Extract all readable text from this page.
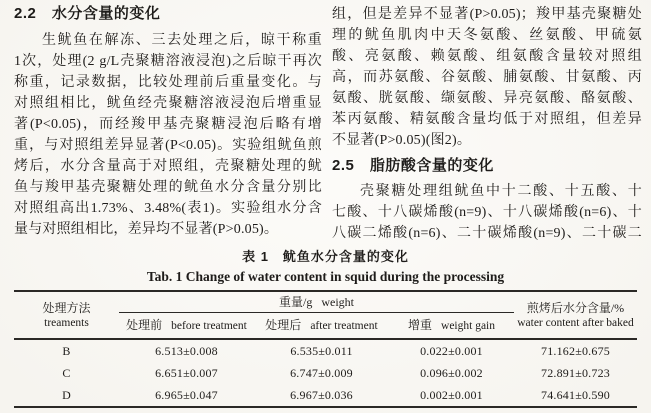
2.2　水分含量的变化
生鱿鱼在解冻、三去处理之后，晾干称重
1次，处理(2 g/L壳聚糖溶液浸泡)之后晾干再次
称重，记录数据，比较处理前后重量变化。与
对照组相比，鱿鱼经壳聚糖溶液浸泡后增重显
著(P<0.05)，而经羧甲基壳聚糖浸泡后略有增
重，与对照组差异显著(P<0.05)。实验组鱿鱼煎
烤后，水分含量高于对照组，壳聚糖处理的鱿
鱼与羧甲基壳聚糖处理的鱿鱼水分含量分别比
对照组高出1.73%、3.48%(表1)。实验组水分含
量与对照组相比，差异均不显著(P>0.05)。
组，但是差异不显著(P>0.05)；羧甲基壳聚糖处
理的鱿鱼肌肉中天冬氨酸、丝氨酸、甲硫氨
酸、亮氨酸、赖氨酸、组氨酸含量较对照组
高，而苏氨酸、谷氨酸、脯氨酸、甘氨酸、丙
氨酸、胱氨酸、缬氨酸、异亮氨酸、酪氨酸、
苯丙氨酸、精氨酸含量均低于对照组，但差异
不显著(P>0.05)(图2)。
2.5　脂肪酸含量的变化
壳聚糖处理组鱿鱼中十二酸、十五酸、十
七酸、十八碳烯酸(n=9)、十八碳烯酸(n=6)、十
八碳二烯酸(n=6)、二十碳烯酸(n=9)、二十碳二
表 1　鱿鱼水分含量的变化
Tab. 1 Change of water content in squid during the processing
处理方法
treaments
重量/g weight
处理前 before treatment	处理后 after treatment	增重 weight gain
煎烤后水分含量/%
water content after baked
B	6.513±0.008	6.535±0.011	0.022±0.001	71.162±0.675
C	6.651±0.007	6.747±0.009	0.096±0.002	72.891±0.723
D	6.965±0.047	6.967±0.036	0.002±0.001	74.641±0.590
